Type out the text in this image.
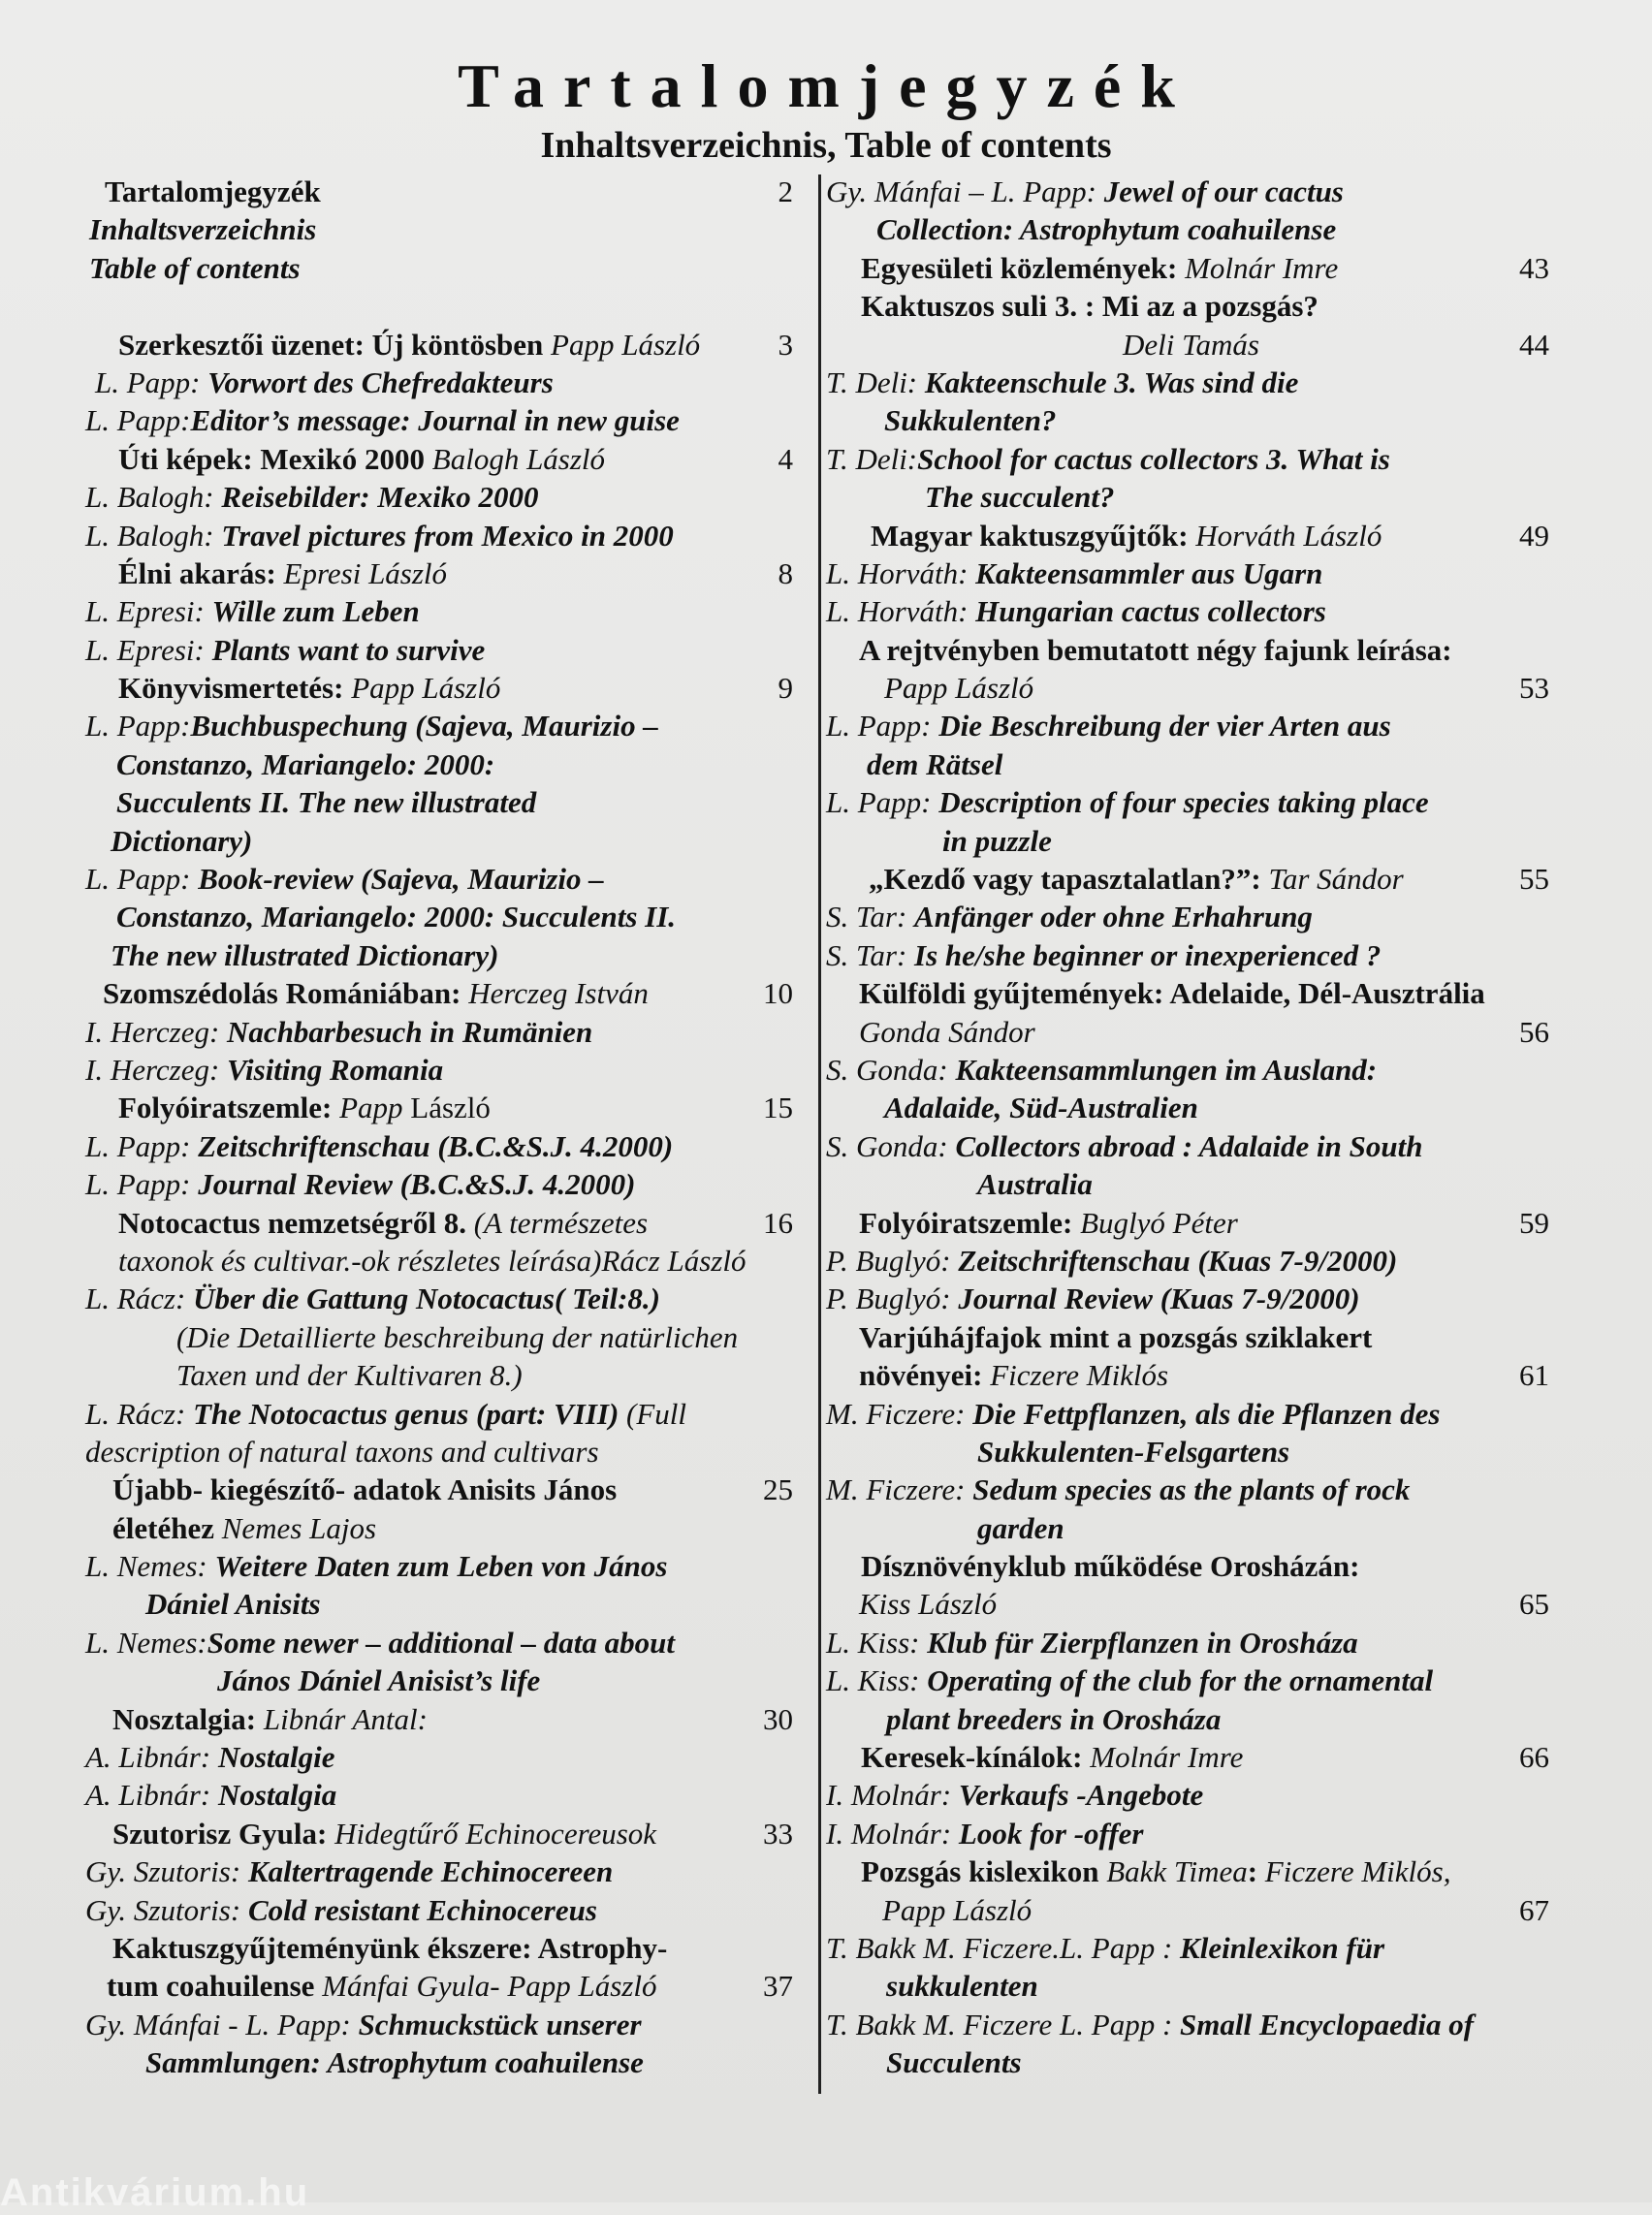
Tartalomjegyzék
Inhaltsverzeichnis, Table of contents
Tartalomjegyzék	2
Inhaltsverzeichnis
Table of contents
Szerkesztői üzenet: Új köntösben Papp László	3
L. Papp: Vorwort des Chefredakteurs
L. Papp:Editor’s message: Journal in new guise
Úti képek: Mexikó 2000 Balogh László	4
L. Balogh: Reisebilder: Mexiko 2000
L. Balogh: Travel pictures from Mexico in 2000
Élni akarás: Epresi László	8
L. Epresi: Wille zum Leben
L. Epresi: Plants want to survive
Könyvismertetés: Papp László	9
L. Papp:Buchbuspechung (Sajeva, Maurizio –
Constanzo, Mariangelo: 2000:
Succulents II. The new illustrated
Dictionary)
L. Papp: Book-review (Sajeva, Maurizio –
Constanzo, Mariangelo: 2000: Succulents II.
The new illustrated Dictionary)
Szomszédolás Romániában: Herczeg István	10
I. Herczeg: Nachbarbesuch in Rumänien
I. Herczeg: Visiting Romania
Folyóiratszemle: Papp László	15
L. Papp: Zeitschriftenschau (B.C.&S.J. 4.2000)
L. Papp: Journal Review (B.C.&S.J. 4.2000)
Notocactus nemzetségről 8. (A természetes	16
taxonok és cultivar.-ok részletes leírása)Rácz László
L. Rácz: Über die Gattung Notocactus( Teil:8.)
(Die Detaillierte beschreibung der natürlichen
Taxen und der Kultivaren 8.)
L. Rácz: The Notocactus genus (part: VIII) (Full
description of natural taxons and cultivars
Újabb- kiegészítő- adatok Anisits János	25
életéhez Nemes Lajos
L. Nemes: Weitere Daten zum Leben von János
Dániel Anisits
L. Nemes:Some newer – additional – data about
János Dániel Anisist’s life
Nosztalgia: Libnár Antal:	30
A. Libnár: Nostalgie
A. Libnár: Nostalgia
Szutorisz Gyula: Hidegtűrő Echinocereusok	33
Gy. Szutoris: Kaltertragende Echinocereen
Gy. Szutoris: Cold resistant Echinocereus
Kaktuszgyűjteményünk ékszere: Astrophy-
tum coahuilense Mánfai Gyula- Papp László	37
Gy. Mánfai - L. Papp: Schmuckstück unserer
Sammlungen: Astrophytum coahuilense
Gy. Mánfai – L. Papp: Jewel of our cactus
Collection: Astrophytum coahuilense
Egyesületi közlemények: Molnár Imre	43
Kaktuszos suli 3. : Mi az a pozsgás?
Deli Tamás	44
T. Deli: Kakteenschule 3. Was sind die
Sukkulenten?
T. Deli:School for cactus collectors 3. What is
The succulent?
Magyar kaktuszgyűjtők: Horváth László	49
L. Horváth: Kakteensammler aus Ugarn
L. Horváth: Hungarian cactus collectors
A rejtvényben bemutatott négy fajunk leírása:
Papp László	53
L. Papp: Die Beschreibung der vier Arten aus
dem Rätsel
L. Papp: Description of four species taking place
in puzzle
„Kezdő vagy tapasztalatlan?”: Tar Sándor	55
S. Tar: Anfänger oder ohne Erhahrung
S. Tar: Is he/she beginner or inexperienced ?
Külföldi gyűjtemények: Adelaide, Dél-Ausztrália
Gonda Sándor	56
S. Gonda: Kakteensammlungen im Ausland:
Adalaide, Süd-Australien
S. Gonda: Collectors abroad : Adalaide in South
Australia
Folyóiratszemle: Buglyó Péter	59
P. Buglyó: Zeitschriftenschau (Kuas 7-9/2000)
P. Buglyó: Journal Review (Kuas 7-9/2000)
Varjúhájfajok mint a pozsgás sziklakert
növényei: Ficzere Miklós	61
M. Ficzere: Die Fettpflanzen, als die Pflanzen des
Sukkulenten-Felsgartens
M. Ficzere: Sedum species as the plants of rock
garden
Dísznövényklub működése Orosházán:
Kiss László	65
L. Kiss: Klub für Zierpflanzen in Orosháza
L. Kiss: Operating of the club for the ornamental
plant breeders in Orosháza
Keresek-kínálok: Molnár Imre	66
I. Molnár: Verkaufs -Angebote
I. Molnár: Look for -offer
Pozsgás kislexikon Bakk Timea: Ficzere Miklós,
Papp László	67
T. Bakk M. Ficzere.L. Papp : Kleinlexikon für
sukkulenten
T. Bakk M. Ficzere L. Papp : Small Encyclopaedia of
Succulents
Antikvárium.hu
